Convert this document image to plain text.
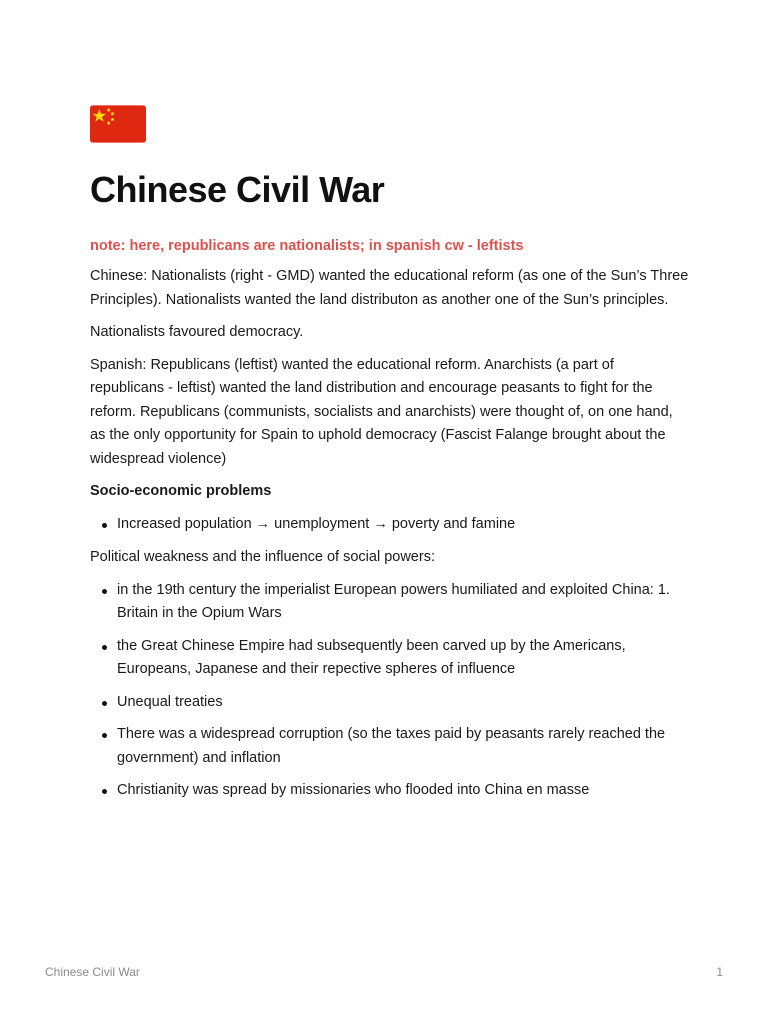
Chinese Civil War

note: here, republicans are nationalists; in spanish cw - leftists

Chinese: Nationalists (right - GMD) wanted the educational reform (as one of the Sun’s Three Principles). Nationalists wanted the land distributon as another one of the Sun’s principles.

Nationalists favoured democracy.

Spanish: Republicans (leftist) wanted the educational reform. Anarchists (a part of republicans - leftist) wanted the land distribution and encourage peasants to fight for the reform. Republicans (communists, socialists and anarchists) were thought of, on one hand, as the only opportunity for Spain to uphold democracy (Fascist Falange brought about the widespread violence)

Socio-economic problems

Increased population → unemployment → poverty and famine

Political weakness and the influence of social powers:

in the 19th century the imperialist European powers humiliated and exploited China: 1. Britain in the Opium Wars
the Great Chinese Empire had subsequently been carved up by the Americans, Europeans, Japanese and their repective spheres of influence
Unequal treaties
There was a widespread corruption (so the taxes paid by peasants rarely reached the government) and inflation
Christianity was spread by missionaries who flooded into China en masse
Chinese Civil War	1
